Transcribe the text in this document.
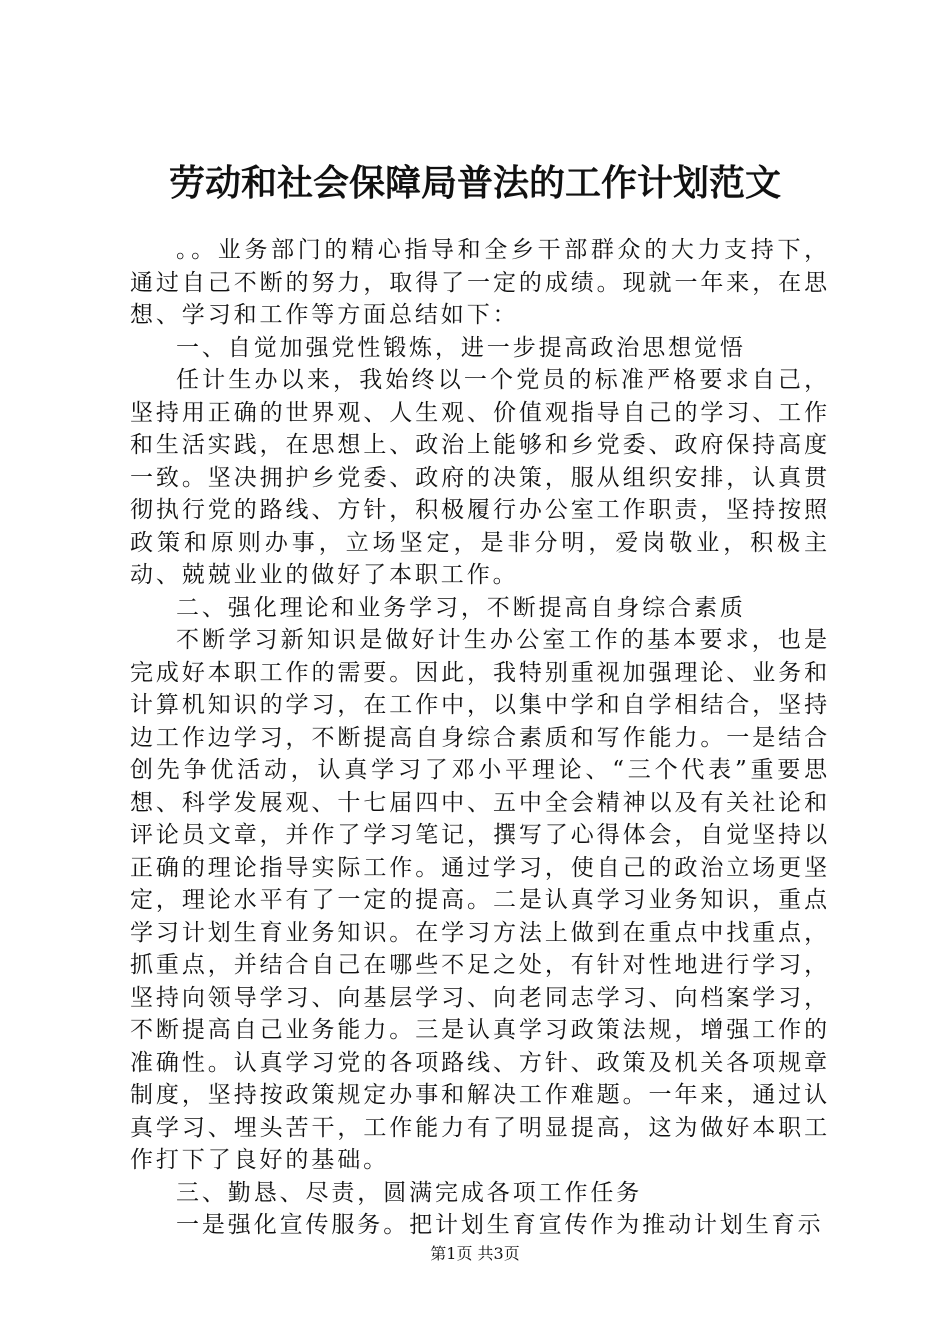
劳动和社会保障局普法的工作计划范文

。。业务部门的精心指导和全乡干部群众的大力支持下，通过自己不断的努力，取得了一定的成绩。现就一年来，在思想、学习和工作等方面总结如下：

一、自觉加强党性锻炼，进一步提高政治思想觉悟

任计生办以来，我始终以一个党员的标准严格要求自己，坚持用正确的世界观、人生观、价值观指导自己的学习、工作和生活实践，在思想上、政治上能够和乡党委、政府保持高度一致。坚决拥护乡党委、政府的决策，服从组织安排，认真贯彻执行党的路线、方针，积极履行办公室工作职责，坚持按照政策和原则办事，立场坚定，是非分明，爱岗敬业，积极主动、兢兢业业的做好了本职工作。

二、强化理论和业务学习，不断提高自身综合素质

不断学习新知识是做好计生办公室工作的基本要求，也是完成好本职工作的需要。因此，我特别重视加强理论、业务和计算机知识的学习，在工作中，以集中学和自学相结合，坚持边工作边学习，不断提高自身综合素质和写作能力。一是结合创先争优活动，认真学习了邓小平理论、“三个代表”重要思想、科学发展观、十七届四中、五中全会精神以及有关社论和评论员文章，并作了学习笔记，撰写了心得体会，自觉坚持以正确的理论指导实际工作。通过学习，使自己的政治立场更坚定，理论水平有了一定的提高。二是认真学习业务知识，重点学习计划生育业务知识。在学习方法上做到在重点中找重点，抓重点，并结合自己在哪些不足之处，有针对性地进行学习，坚持向领导学习、向基层学习、向老同志学习、向档案学习，不断提高自己业务能力。三是认真学习政策法规，增强工作的准确性。认真学习党的各项路线、方针、政策及机关各项规章制度，坚持按政策规定办事和解决工作难题。一年来，通过认真学习、埋头苦干，工作能力有了明显提高，这为做好本职工作打下了良好的基础。

三、勤恳、尽责，圆满完成各项工作任务

一是强化宣传服务。把计划生育宣传作为推动计划生育示

第1页 共3页
